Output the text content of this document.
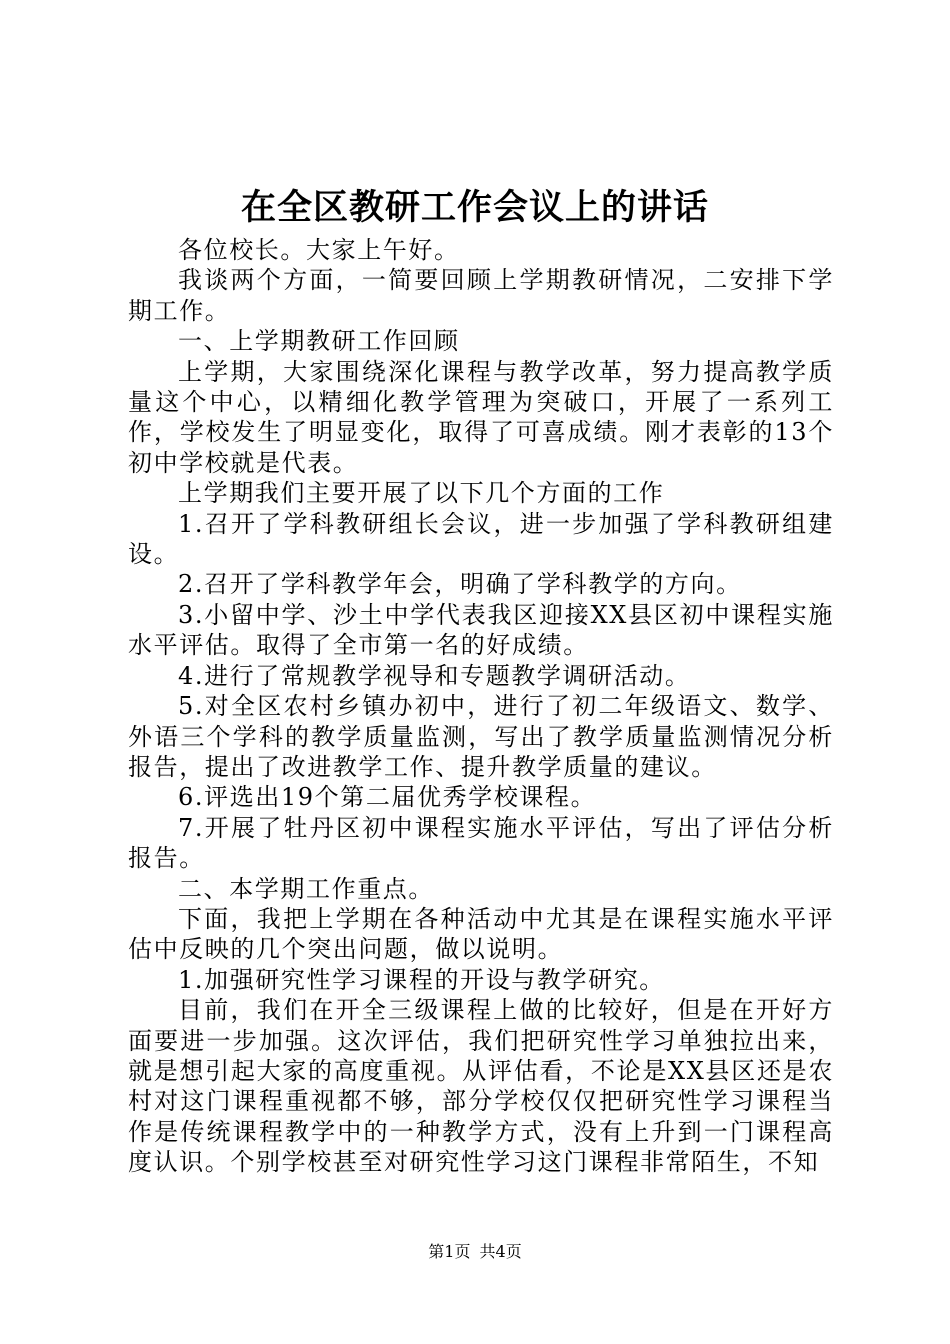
在全区教研工作会议上的讲话

各位校长。大家上午好。

我谈两个方面，一简要回顾上学期教研情况，二安排下学期工作。

一、上学期教研工作回顾

上学期，大家围绕深化课程与教学改革，努力提高教学质量这个中心，以精细化教学管理为突破口，开展了一系列工作，学校发生了明显变化，取得了可喜成绩。刚才表彰的13个初中学校就是代表。

上学期我们主要开展了以下几个方面的工作

1.召开了学科教研组长会议，进一步加强了学科教研组建设。

2.召开了学科教学年会，明确了学科教学的方向。

3.小留中学、沙土中学代表我区迎接XX县区初中课程实施水平评估。取得了全市第一名的好成绩。

4.进行了常规教学视导和专题教学调研活动。

5.对全区农村乡镇办初中，进行了初二年级语文、数学、外语三个学科的教学质量监测，写出了教学质量监测情况分析报告，提出了改进教学工作、提升教学质量的建议。

6.评选出19个第二届优秀学校课程。

7.开展了牡丹区初中课程实施水平评估，写出了评估分析报告。

二、本学期工作重点。

下面，我把上学期在各种活动中尤其是在课程实施水平评估中反映的几个突出问题，做以说明。

1.加强研究性学习课程的开设与教学研究。

目前，我们在开全三级课程上做的比较好，但是在开好方面要进一步加强。这次评估，我们把研究性学习单独拉出来，就是想引起大家的高度重视。从评估看，不论是XX县区还是农村对这门课程重视都不够，部分学校仅仅把研究性学习课程当作是传统课程教学中的一种教学方式，没有上升到一门课程高度认识。个别学校甚至对研究性学习这门课程非常陌生，不知

第1页 共4页
